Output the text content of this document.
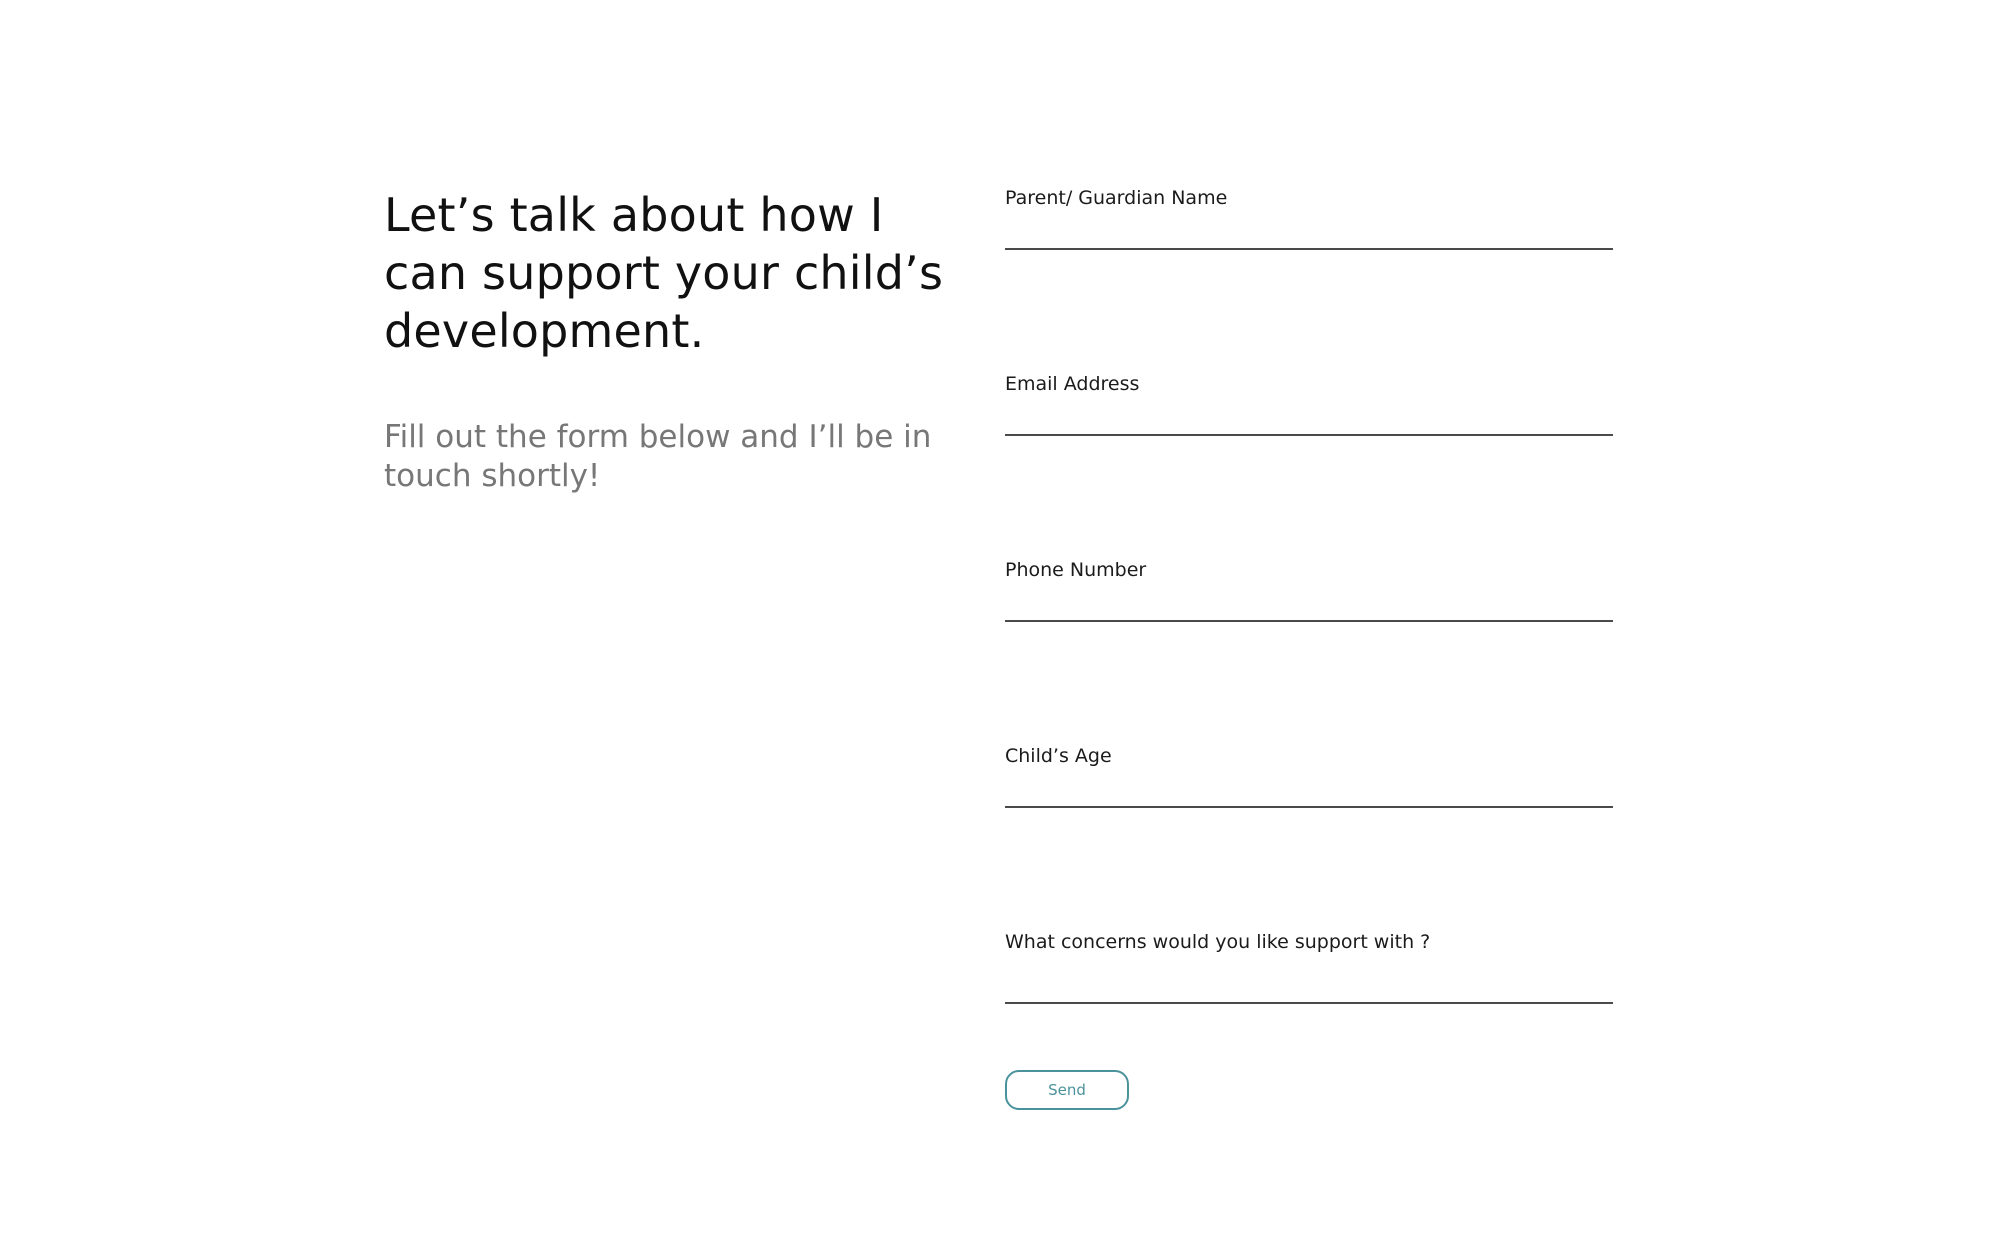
Let’s talk about how I can support your child’s development.

Fill out the form below and I’ll be in touch shortly!

Parent/ Guardian Name
Email Address
Phone Number
Child’s Age
What concerns would you like support with ?
Send
